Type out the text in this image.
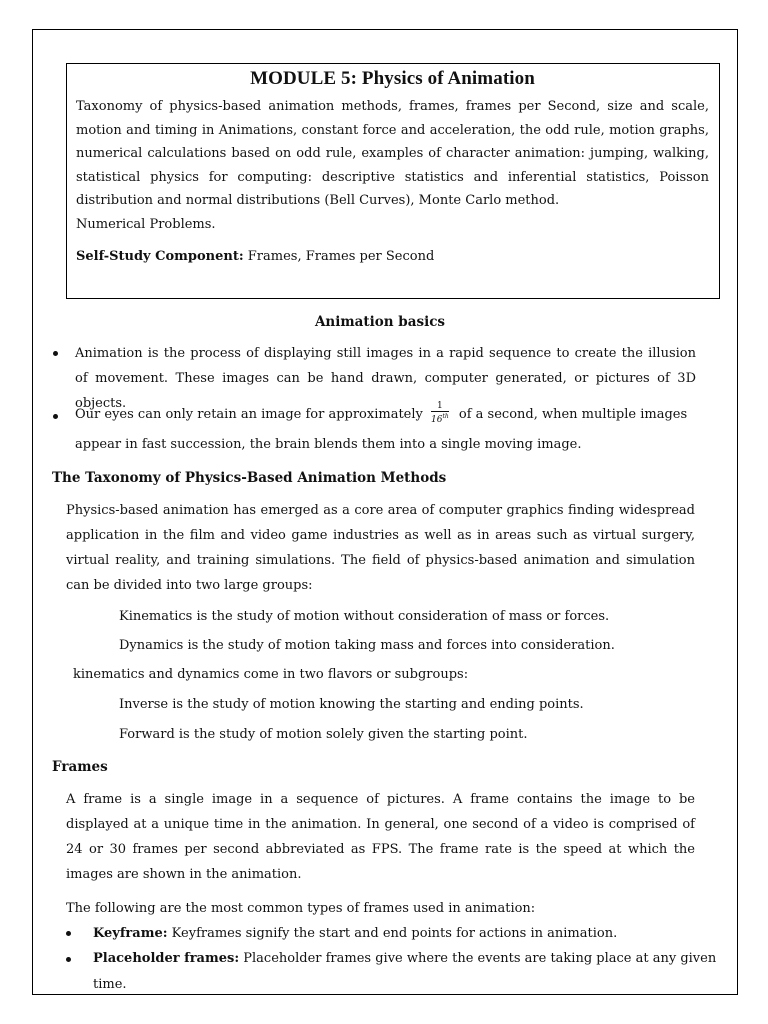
MODULE 5: Physics of Animation

Taxonomy of physics-based animation methods, frames, frames per Second, size and scale, motion and timing in Animations, constant force and acceleration, the odd rule, motion graphs, numerical calculations based on odd rule, examples of character animation: jumping, walking, statistical physics for computing: descriptive statistics and inferential statistics, Poisson distribution and normal distributions (Bell Curves), Monte Carlo method.

Numerical Problems.

Self-Study Component: Frames, Frames per Second

Animation basics
Animation is the process of displaying still images in a rapid sequence to create the illusion of movement. These images can be hand drawn, computer generated, or pictures of 3D objects.
Our eyes can only retain an image for approximately $\frac{1}{16^{th}}$ of a second, when multiple images
appear in fast succession, the brain blends them into a single moving image.
The Taxonomy of Physics-Based Animation Methods
Physics-based animation has emerged as a core area of computer graphics finding widespread application in the film and video game industries as well as in areas such as virtual surgery, virtual reality, and training simulations. The field of physics-based animation and simulation can be divided into two large groups:
Kinematics is the study of motion without consideration of mass or forces.
Dynamics is the study of motion taking mass and forces into consideration.
kinematics and dynamics come in two flavors or subgroups:
Inverse is the study of motion knowing the starting and ending points.
Forward is the study of motion solely given the starting point.
Frames
A frame is a single image in a sequence of pictures. A frame contains the image to be displayed at a unique time in the animation. In general, one second of a video is comprised of 24 or 30 frames per second abbreviated as FPS. The frame rate is the speed at which the images are shown in the animation.
The following are the most common types of frames used in animation:
Keyframe: Keyframes signify the start and end points for actions in animation.
Placeholder frames: Placeholder frames give where the events are taking place at any given
time.
